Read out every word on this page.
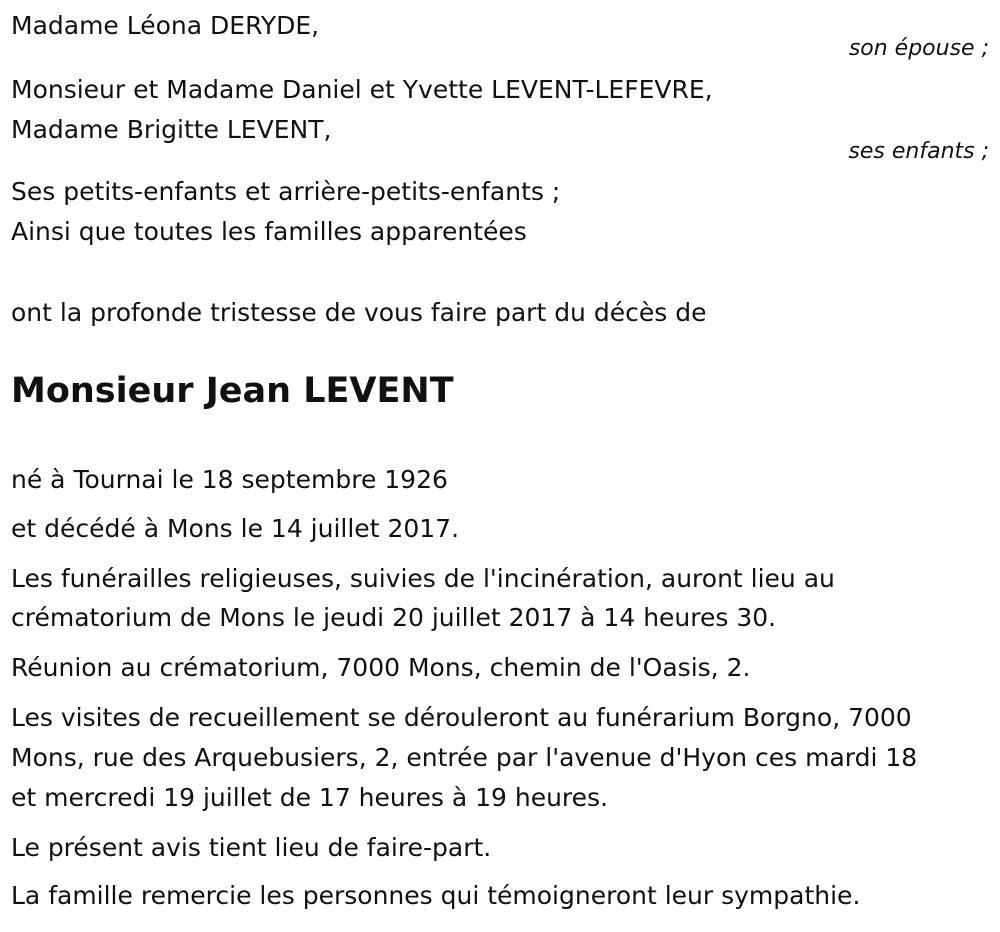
Madame Léona DERYDE,
son épouse ;
Monsieur et Madame Daniel et Yvette LEVENT-LEFEVRE,
Madame Brigitte LEVENT,
ses enfants ;
Ses petits-enfants et arrière-petits-enfants ;
Ainsi que toutes les familles apparentées
ont la profonde tristesse de vous faire part du décès de
Monsieur Jean LEVENT
né à Tournai le 18 septembre 1926
et décédé à Mons le 14 juillet 2017.
Les funérailles religieuses, suivies de l'incinération, auront lieu au
crématorium de Mons le jeudi 20 juillet 2017 à 14 heures 30.
Réunion au crématorium, 7000 Mons, chemin de l'Oasis, 2.
Les visites de recueillement se dérouleront au funérarium Borgno, 7000
Mons, rue des Arquebusiers, 2, entrée par l'avenue d'Hyon ces mardi 18
et mercredi 19 juillet de 17 heures à 19 heures.
Le présent avis tient lieu de faire-part.
La famille remercie les personnes qui témoigneront leur sympathie.
